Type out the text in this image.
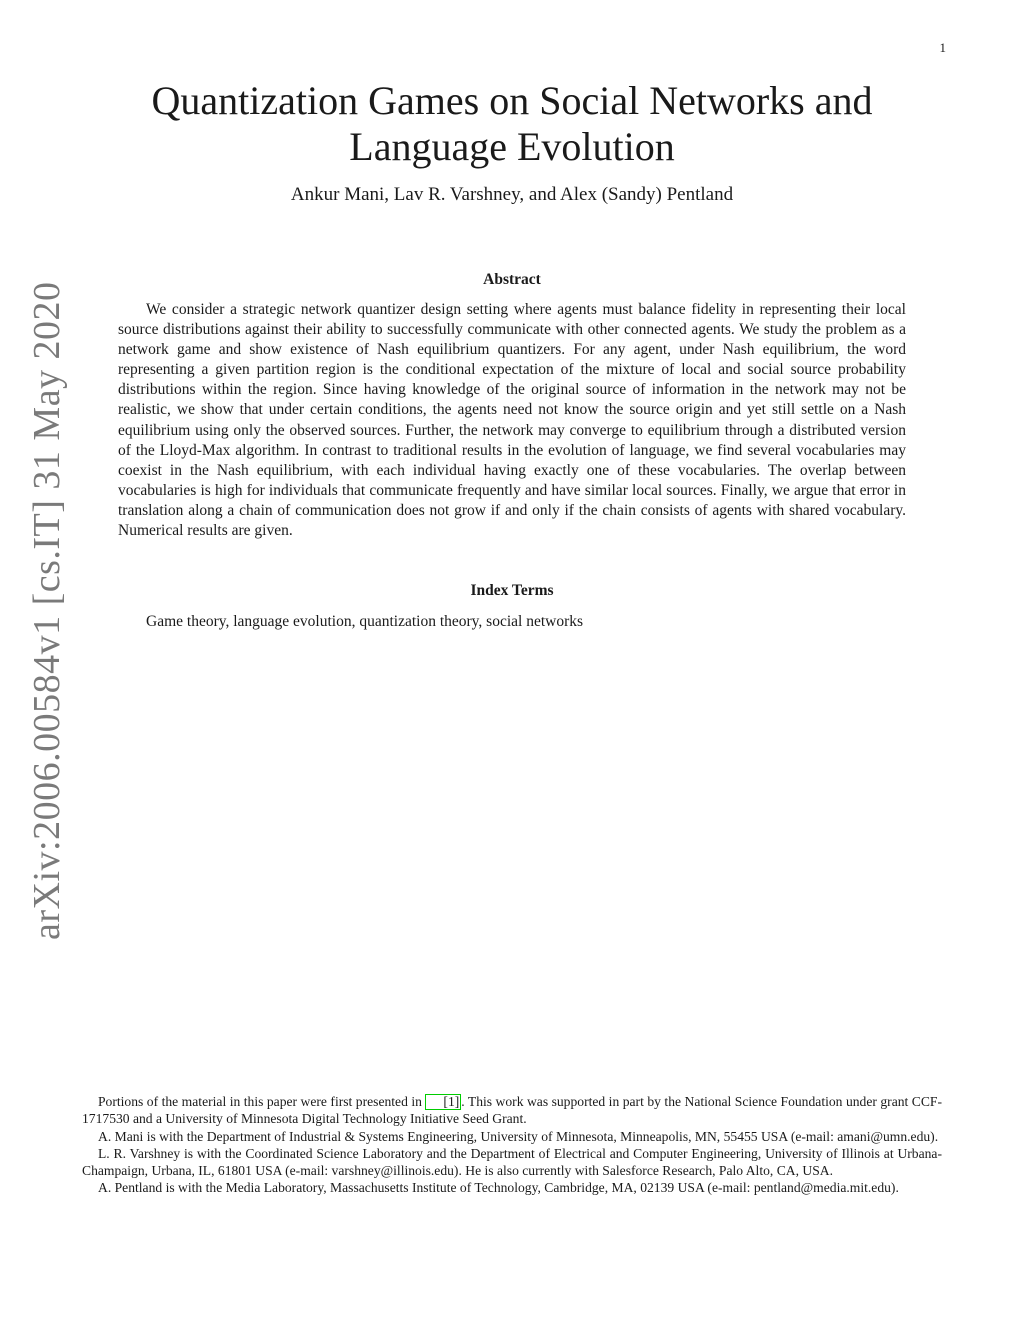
1
arXiv:2006.00584v1 [cs.IT] 31 May 2020
Quantization Games on Social Networks and
Language Evolution
Ankur Mani, Lav R. Varshney, and Alex (Sandy) Pentland
Abstract

We consider a strategic network quantizer design setting where agents must balance fidelity in representing their local source distributions against their ability to successfully communicate with other connected agents. We study the problem as a network game and show existence of Nash equilibrium quantizers. For any agent, under Nash equilibrium, the word representing a given partition region is the conditional expectation of the mixture of local and social source probability distributions within the region. Since having knowledge of the original source of information in the network may not be realistic, we show that under certain conditions, the agents need not know the source origin and yet still settle on a Nash equilibrium using only the observed sources. Further, the network may converge to equilibrium through a distributed version of the Lloyd-Max algorithm. In contrast to traditional results in the evolution of language, we find several vocabularies may coexist in the Nash equilibrium, with each individual having exactly one of these vocabularies. The overlap between vocabularies is high for individuals that communicate frequently and have similar local sources. Finally, we argue that error in translation along a chain of communication does not grow if and only if the chain consists of agents with shared vocabulary. Numerical results are given.

Index Terms

Game theory, language evolution, quantization theory, social networks

Portions of the material in this paper were first presented in [1] . This work was supported in part by the National Science Foundation under grant CCF-1717530 and a University of Minnesota Digital Technology Initiative Seed Grant.

A. Mani is with the Department of Industrial & Systems Engineering, University of Minnesota, Minneapolis, MN, 55455 USA (e-mail: amani@umn.edu).

L. R. Varshney is with the Coordinated Science Laboratory and the Department of Electrical and Computer Engineering, University of Illinois at Urbana-Champaign, Urbana, IL, 61801 USA (e-mail: varshney@illinois.edu). He is also currently with Salesforce Research, Palo Alto, CA, USA.

A. Pentland is with the Media Laboratory, Massachusetts Institute of Technology, Cambridge, MA, 02139 USA (e-mail: pentland@media.mit.edu).
